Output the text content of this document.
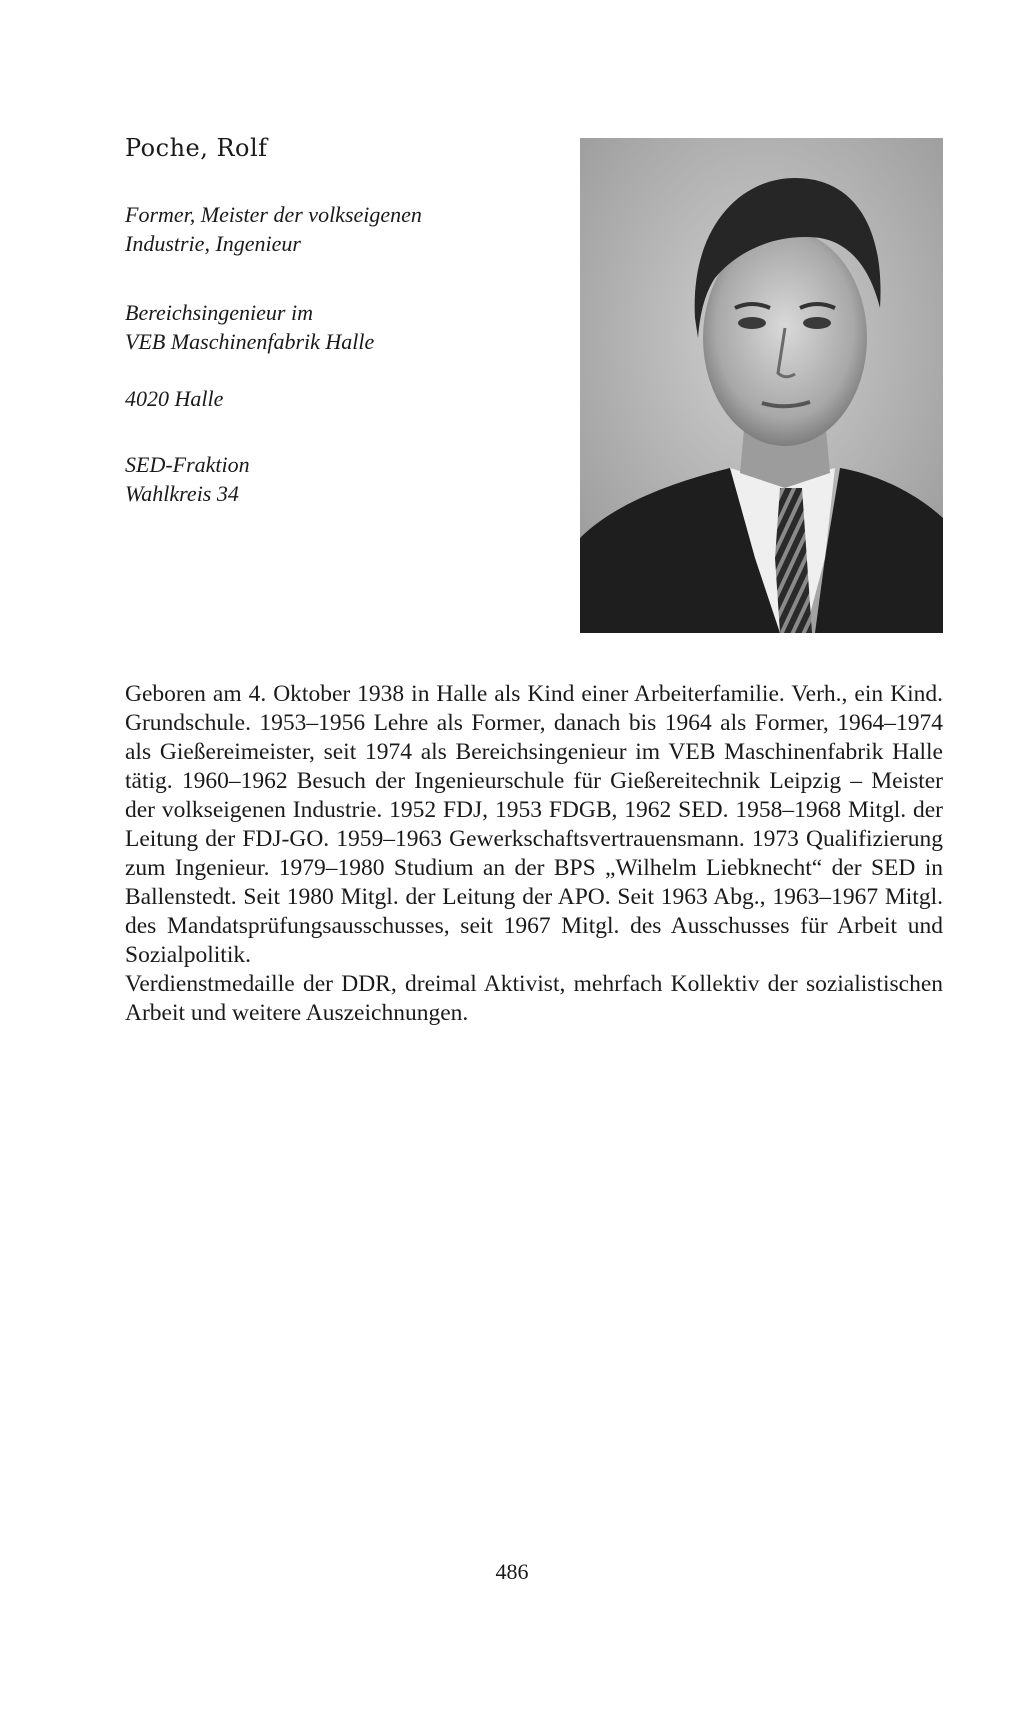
Poche, Rolf
Former, Meister der volkseigenen
Industrie, Ingenieur
Bereichsingenieur im
VEB Maschinenfabrik Halle
4020 Halle
SED-Fraktion
Wahlkreis 34

Geboren am 4. Oktober 1938 in Halle als Kind einer Arbeiterfamilie. Verh., ein Kind. Grundschule. 1953–1956 Lehre als Former, danach bis 1964 als Former, 1964–1974 als Gießereimeister, seit 1974 als Bereichsingenieur im VEB Maschinenfabrik Halle tätig. 1960–1962 Besuch der Ingenieurschule für Gießereitechnik Leipzig – Meister der volkseigenen Industrie. 1952 FDJ, 1953 FDGB, 1962 SED. 1958–1968 Mitgl. der Leitung der FDJ-GO. 1959–1963 Gewerkschaftsvertrauensmann. 1973 Qualifizierung zum Ingenieur. 1979–1980 Studium an der BPS „Wilhelm Liebknecht“ der SED in Ballenstedt. Seit 1980 Mitgl. der Leitung der APO. Seit 1963 Abg., 1963–1967 Mitgl. des Mandatsprüfungsausschusses, seit 1967 Mitgl. des Ausschusses für Arbeit und Sozialpolitik.

Verdienstmedaille der DDR, dreimal Aktivist, mehrfach Kollektiv der sozialistischen Arbeit und weitere Auszeichnungen.

486
